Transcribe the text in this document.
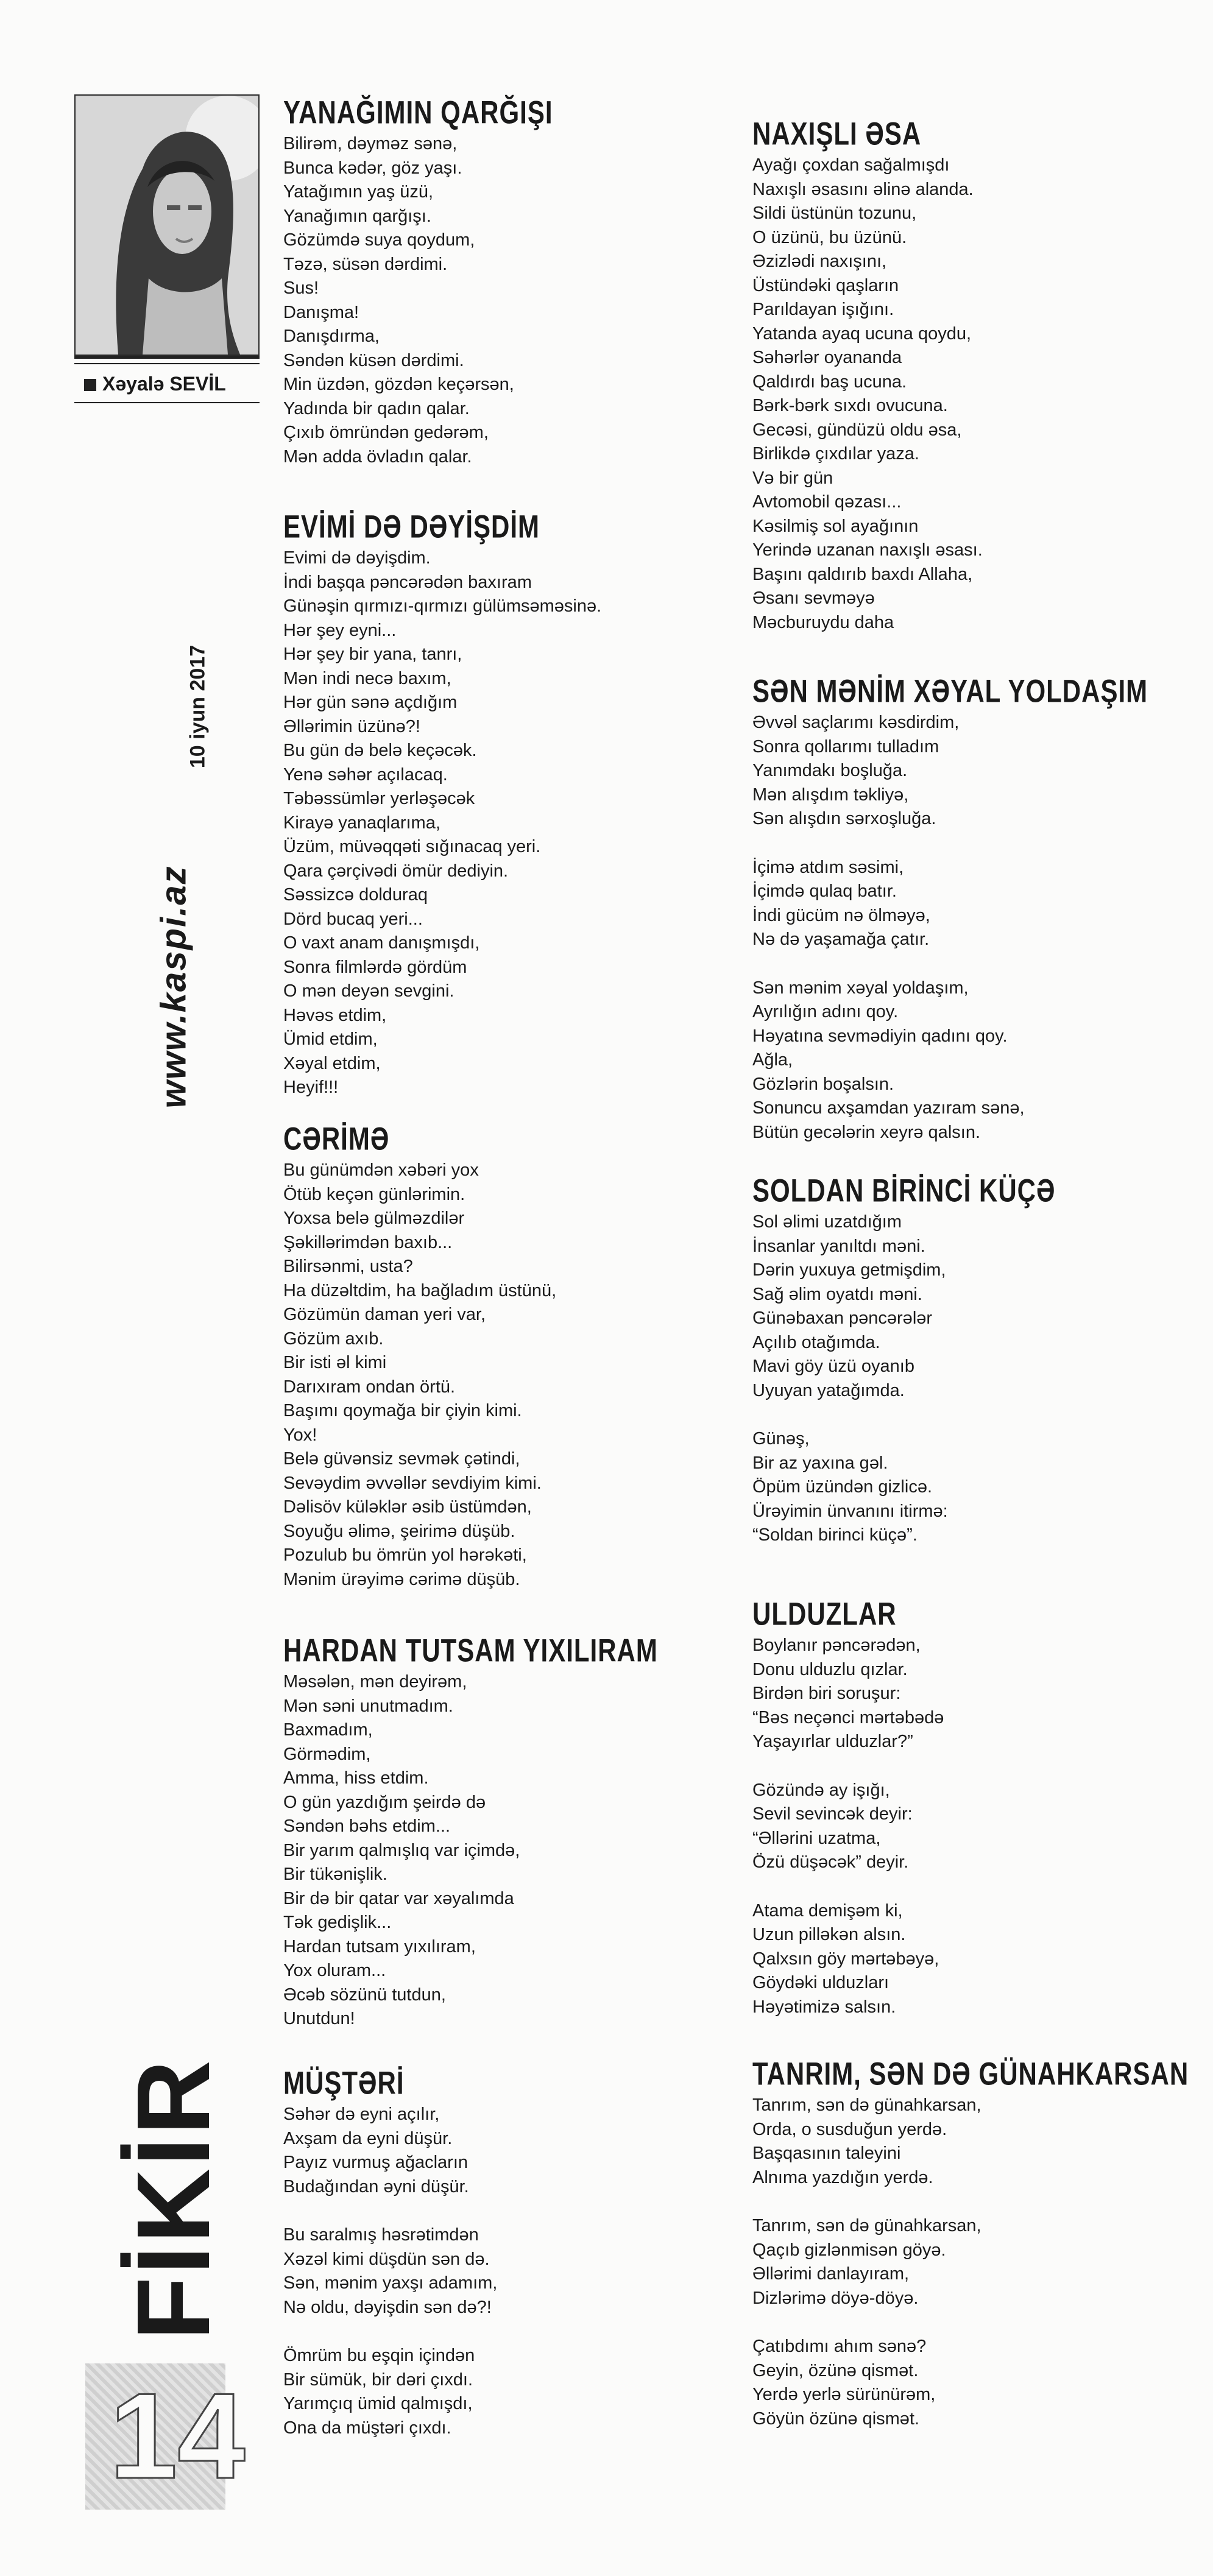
Xəyalə SEVİL
10 iyun 2017
www.kaspi.az
FİKİR
14
YANAĞIMIN QARĞIŞI
Bilirəm, dəyməz sənə,
Bunca kədər, göz yaşı.
Yatağımın yaş üzü,
Yanağımın qarğışı.
Gözümdə suya qoydum,
Təzə, süsən dərdimi.
Sus!
Danışma!
Danışdırma,
Səndən küsən dərdimi.
Min üzdən, gözdən keçərsən,
Yadında bir qadın qalar.
Çıxıb ömründən gedərəm,
Mən adda övladın qalar.
EVİMİ DƏ DƏYİŞDİM
Evimi də dəyişdim.
İndi başqa pəncərədən baxıram
Günəşin qırmızı-qırmızı gülümsəməsinə.
Hər şey eyni...
Hər şey bir yana, tanrı,
Mən indi necə baxım,
Hər gün sənə açdığım
Əllərimin üzünə?!
Bu gün də belə keçəcək.
Yenə səhər açılacaq.
Təbəssümlər yerləşəcək
Kirayə yanaqlarıma,
Üzüm, müvəqqəti sığınacaq yeri.
Qara çərçivədi ömür dediyin.
Səssizcə dolduraq
Dörd bucaq yeri...
O vaxt anam danışmışdı,
Sonra filmlərdə gördüm
O mən deyən sevgini.
Həvəs etdim,
Ümid etdim,
Xəyal etdim,
Heyif!!!
CƏRİMƏ
Bu günümdən xəbəri yox
Ötüb keçən günlərimin.
Yoxsa belə gülməzdilər
Şəkillərimdən baxıb...
Bilirsənmi, usta?
Ha düzəltdim, ha bağladım üstünü,
Gözümün daman yeri var,
Gözüm axıb.
Bir isti əl kimi
Darıxıram ondan örtü.
Başımı qoymağa bir çiyin kimi.
Yox!
Belə güvənsiz sevmək çətindi,
Sevəydim əvvəllər sevdiyim kimi.
Dəlisöv küləklər əsib üstümdən,
Soyuğu əlimə, şeirimə düşüb.
Pozulub bu ömrün yol hərəkəti,
Mənim ürəyimə cərimə düşüb.
HARDAN TUTSAM YIXILIRAM
Məsələn, mən deyirəm,
Mən səni unutmadım.
Baxmadım,
Görmədim,
Amma, hiss etdim.
O gün yazdığım şeirdə də
Səndən bəhs etdim...
Bir yarım qalmışlıq var içimdə,
Bir tükənişlik.
Bir də bir qatar var xəyalımda
Tək gedişlik...
Hardan tutsam yıxılıram,
Yox oluram...
Əcəb sözünü tutdun,
Unutdun!
MÜŞTƏRİ
Səhər də eyni açılır,
Axşam da eyni düşür.
Payız vurmuş ağacların
Budağından əyni düşür.
Bu saralmış həsrətimdən
Xəzəl kimi düşdün sən də.
Sən, mənim yaxşı adamım,
Nə oldu, dəyişdin sən də?!
Ömrüm bu eşqin içindən
Bir sümük, bir dəri çıxdı.
Yarımçıq ümid qalmışdı,
Ona da müştəri çıxdı.
NAXIŞLI ƏSA
Ayağı çoxdan sağalmışdı
Naxışlı əsasını əlinə alanda.
Sildi üstünün tozunu,
O üzünü, bu üzünü.
Əzizlədi naxışını,
Üstündəki qaşların
Parıldayan işığını.
Yatanda ayaq ucuna qoydu,
Səhərlər oyananda
Qaldırdı baş ucuna.
Bərk-bərk sıxdı ovucuna.
Gecəsi, gündüzü oldu əsa,
Birlikdə çıxdılar yaza.
Və bir gün
Avtomobil qəzası...
Kəsilmiş sol ayağının
Yerində uzanan naxışlı əsası.
Başını qaldırıb baxdı Allaha,
Əsanı sevməyə
Məcburuydu daha
SƏN MƏNİM XƏYAL YOLDAŞIM
Əvvəl saçlarımı kəsdirdim,
Sonra qollarımı tulladım
Yanımdakı boşluğa.
Mən alışdım təkliyə,
Sən alışdın sərxoşluğa.
İçimə atdım səsimi,
İçimdə qulaq batır.
İndi gücüm nə ölməyə,
Nə də yaşamağa çatır.
Sən mənim xəyal yoldaşım,
Ayrılığın adını qoy.
Həyatına sevmədiyin qadını qoy.
Ağla,
Gözlərin boşalsın.
Sonuncu axşamdan yazıram sənə,
Bütün gecələrin xeyrə qalsın.
SOLDAN BİRİNCİ KÜÇƏ
Sol əlimi uzatdığım
İnsanlar yanıltdı məni.
Dərin yuxuya getmişdim,
Sağ əlim oyatdı məni.
Günəbaxan pəncərələr
Açılıb otağımda.
Mavi göy üzü oyanıb
Uyuyan yatağımda.
Günəş,
Bir az yaxına gəl.
Öpüm üzündən gizlicə.
Ürəyimin ünvanını itirmə:
“Soldan birinci küçə”.
ULDUZLAR
Boylanır pəncərədən,
Donu ulduzlu qızlar.
Birdən biri soruşur:
“Bəs neçənci mərtəbədə
Yaşayırlar ulduzlar?”
Gözündə ay işığı,
Sevil sevincək deyir:
“Əllərini uzatma,
Özü düşəcək” deyir.
Atama demişəm ki,
Uzun pilləkən alsın.
Qalxsın göy mərtəbəyə,
Göydəki ulduzları
Həyətimizə salsın.
TANRIM, SƏN DƏ GÜNAHKARSAN
Tanrım, sən də günahkarsan,
Orda, o susduğun yerdə.
Başqasının taleyini
Alnıma yazdığın yerdə.
Tanrım, sən də günahkarsan,
Qaçıb gizlənmisən göyə.
Əllərimi danlayıram,
Dizlərimə döyə-döyə.
Çatıbdımı ahım sənə?
Geyin, özünə qismət.
Yerdə yerlə sürünürəm,
Göyün özünə qismət.
